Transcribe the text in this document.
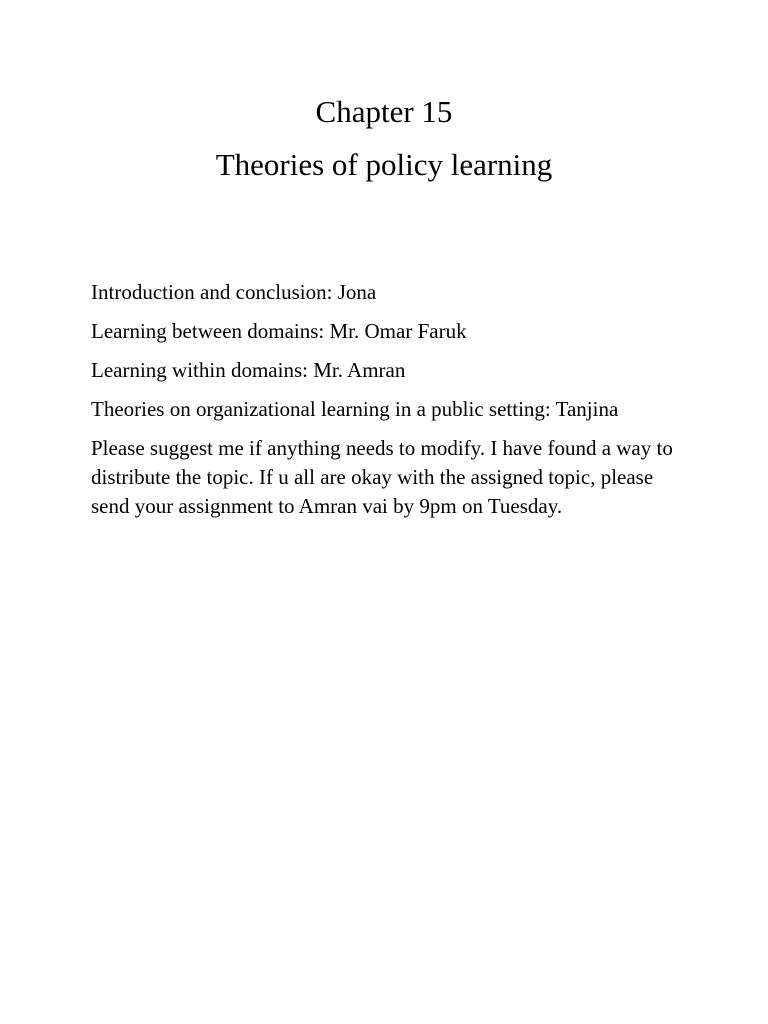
Chapter 15
Theories of policy learning
Introduction and conclusion: Jona
Learning between domains: Mr. Omar Faruk
Learning within domains: Mr. Amran
Theories on organizational learning in a public setting: Tanjina

Please suggest me if anything needs to modify. I have found a way to distribute the topic. If u all are okay with the assigned topic, please send your assignment to Amran vai by 9pm on Tuesday.
